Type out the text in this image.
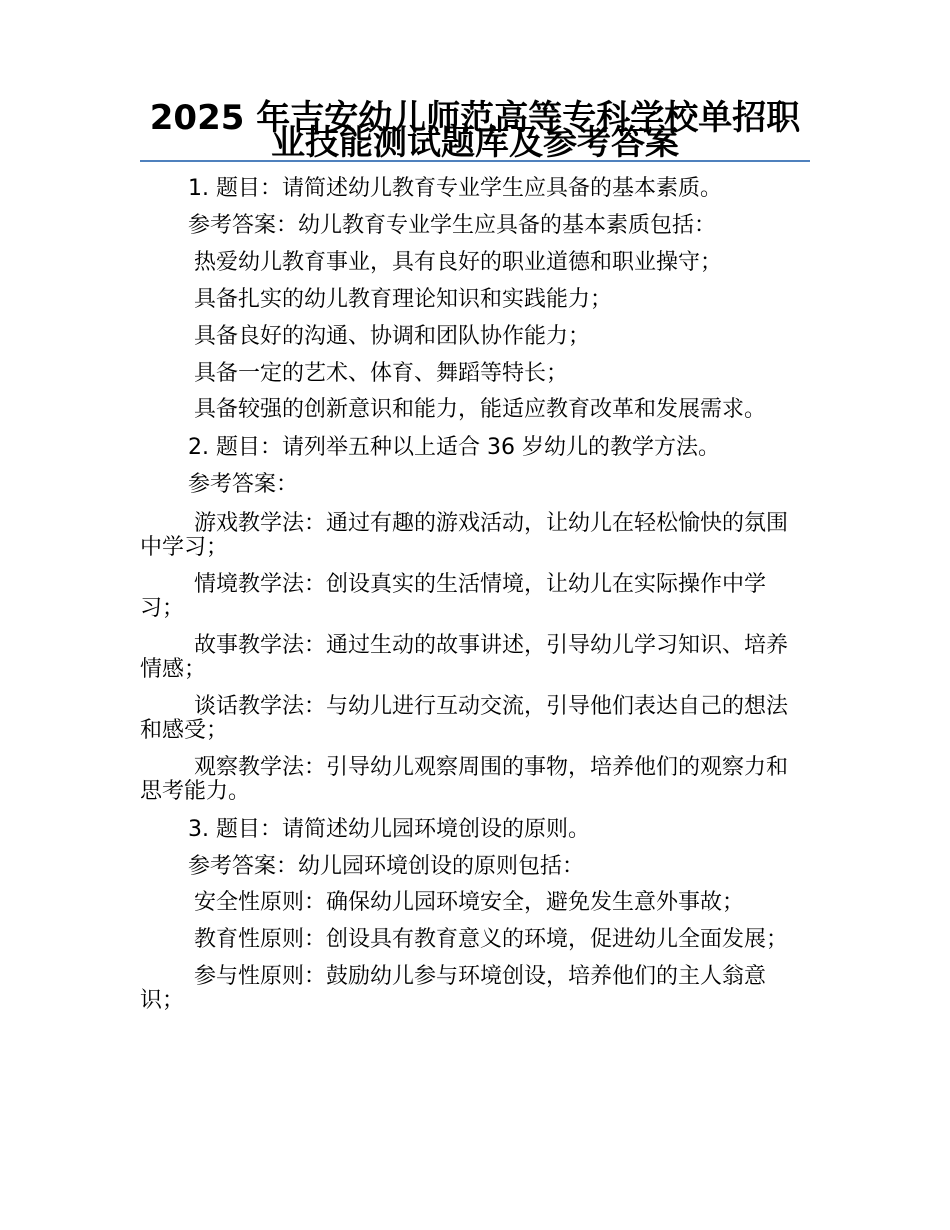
2025 年吉安幼儿师范高等专科学校单招职业技能测试题库及参考答案

1. 题目：请简述幼儿教育专业学生应具备的基本素质。

参考答案：幼儿教育专业学生应具备的基本素质包括：

热爱幼儿教育事业，具有良好的职业道德和职业操守；

具备扎实的幼儿教育理论知识和实践能力；

具备良好的沟通、协调和团队协作能力；

具备一定的艺术、体育、舞蹈等特长；

具备较强的创新意识和能力，能适应教育改革和发展需求。

2. 题目：请列举五种以上适合 36 岁幼儿的教学方法。

参考答案：

游戏教学法：通过有趣的游戏活动，让幼儿在轻松愉快的氛围中学习；

情境教学法：创设真实的生活情境，让幼儿在实际操作中学习；

故事教学法：通过生动的故事讲述，引导幼儿学习知识、培养情感；

谈话教学法：与幼儿进行互动交流，引导他们表达自己的想法和感受；

观察教学法：引导幼儿观察周围的事物，培养他们的观察力和思考能力。

3. 题目：请简述幼儿园环境创设的原则。

参考答案：幼儿园环境创设的原则包括：

安全性原则：确保幼儿园环境安全，避免发生意外事故；

教育性原则：创设具有教育意义的环境，促进幼儿全面发展；

参与性原则：鼓励幼儿参与环境创设，培养他们的主人翁意识；
